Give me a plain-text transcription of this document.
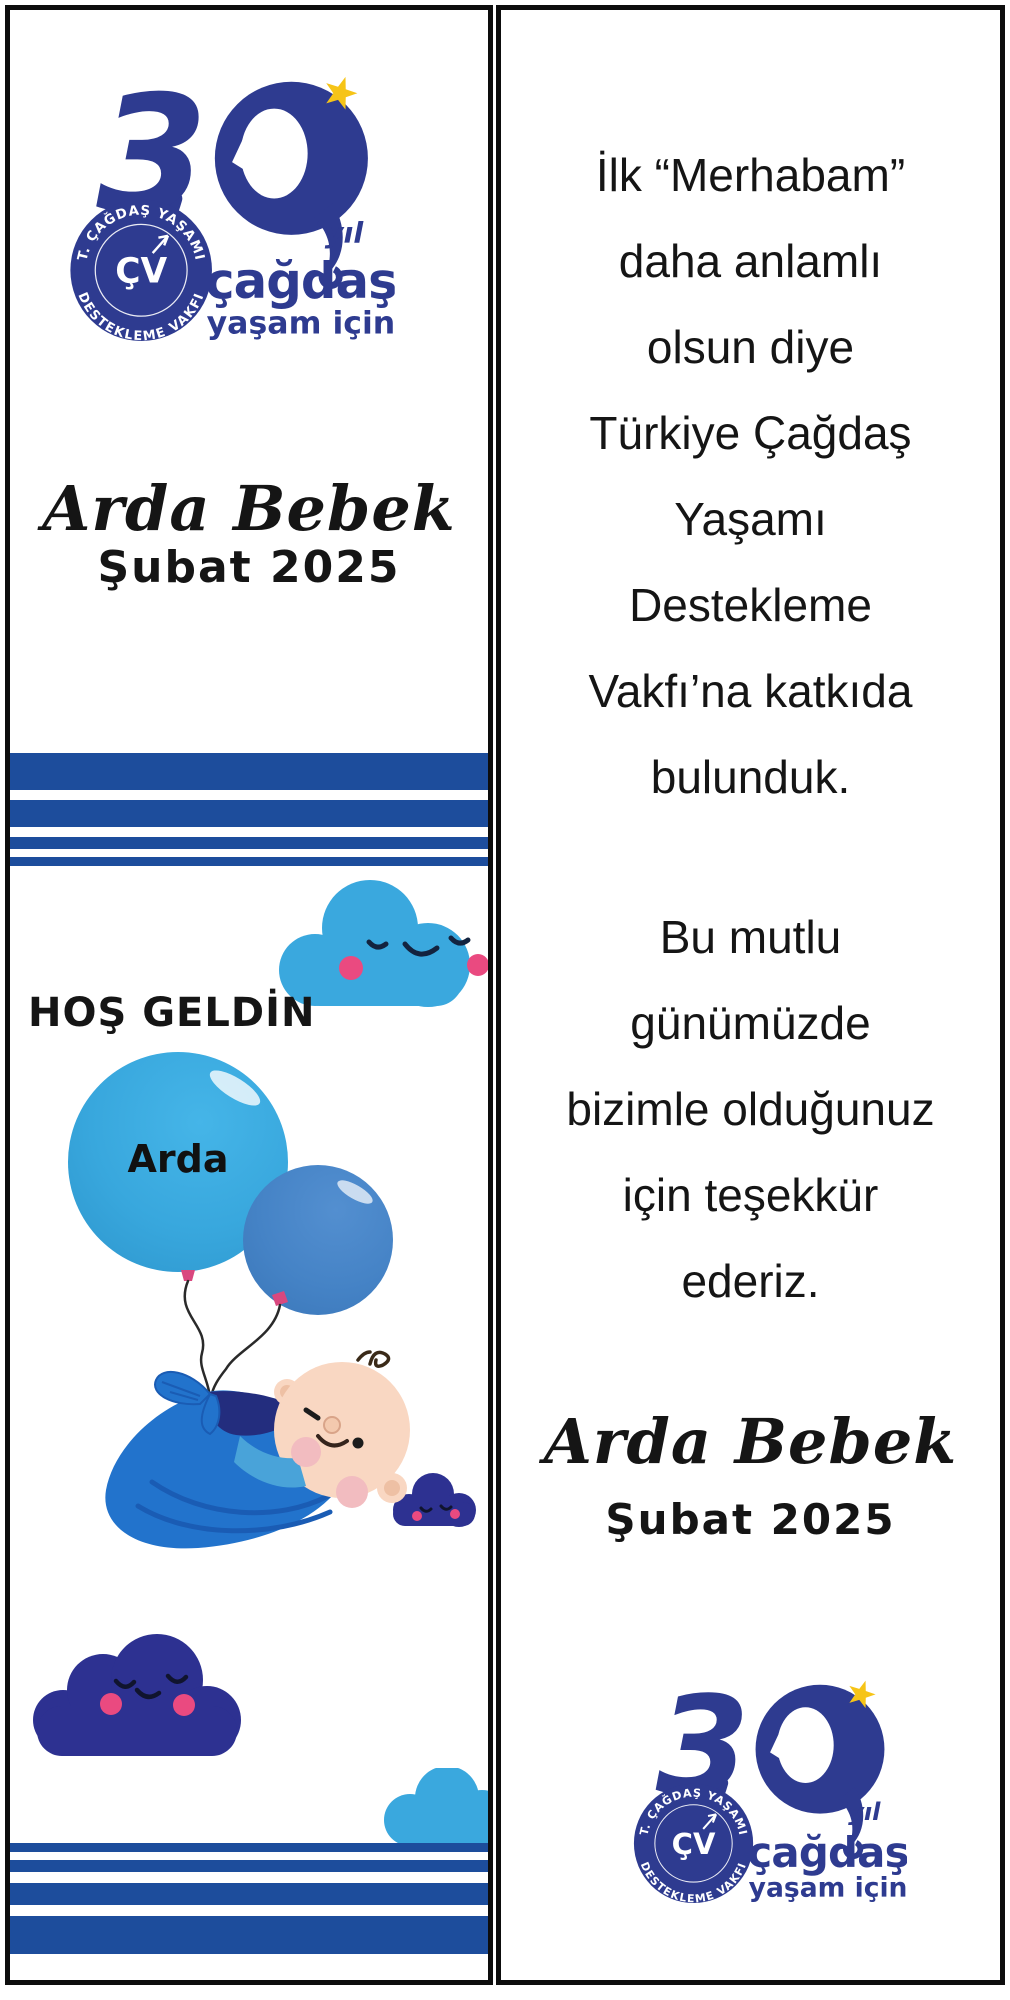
Arda Bebek
Şubat 2025
HOŞ GELDİN
Arda
İlk “Merhabam”
daha anlamlı
olsun diye
Türkiye Çağdaş
Yaşamı
Destekleme
Vakfı’na katkıda
bulunduk.
Bu mutlu
günümüzde
bizimle olduğunuz
için teşekkür
ederiz.
Arda Bebek
Şubat 2025
